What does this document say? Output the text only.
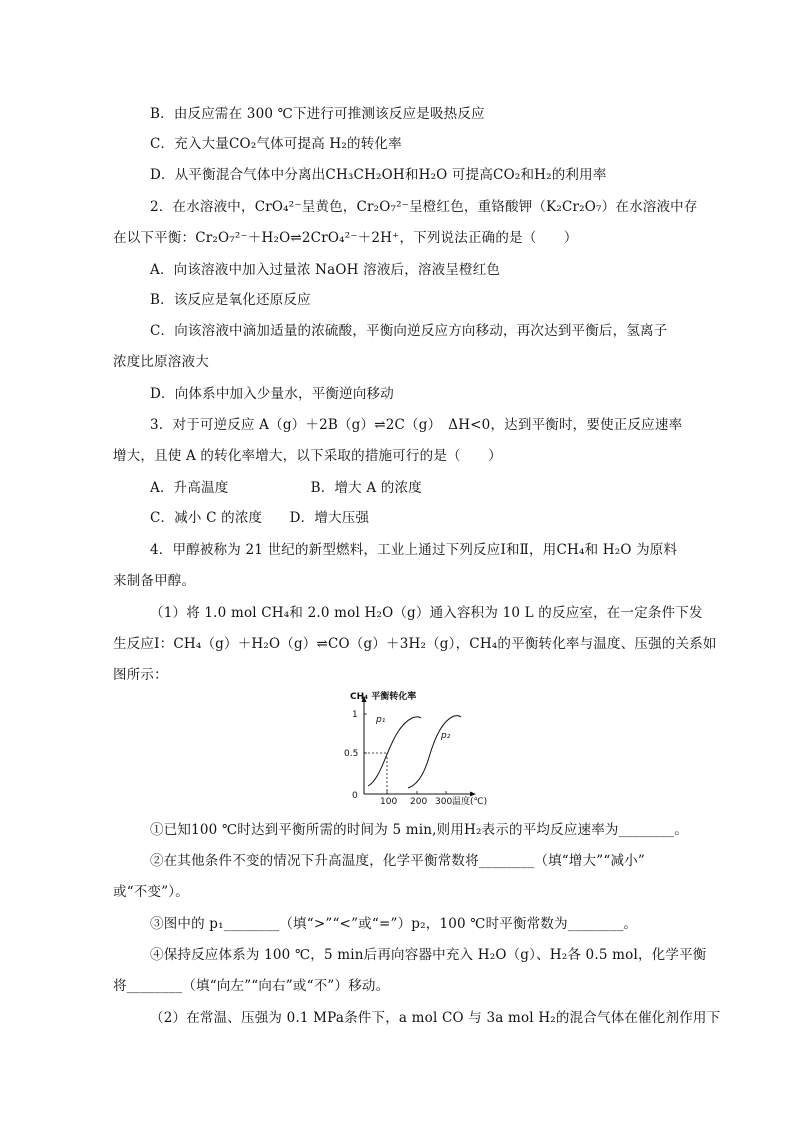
B．由反应需在 300 ℃下进行可推测该反应是吸热反应
C．充入大量CO₂气体可提高 H₂的转化率
D．从平衡混合气体中分离出CH₃CH₂OH和H₂O 可提高CO₂和H₂的利用率
2．在水溶液中，CrO₄²⁻呈黄色，Cr₂O₇²⁻呈橙红色，重铬酸钾（K₂Cr₂O₇）在水溶液中存
在以下平衡：Cr₂O₇²⁻＋H₂O⇌2CrO₄²⁻＋2H⁺，下列说法正确的是（　　）
A．向该溶液中加入过量浓 NaOH 溶液后，溶液呈橙红色
B．该反应是氧化还原反应
C．向该溶液中滴加适量的浓硫酸，平衡向逆反应方向移动，再次达到平衡后，氢离子
浓度比原溶液大
D．向体系中加入少量水，平衡逆向移动
3．对于可逆反应 A（g）＋2B（g）⇌2C（g）　ΔH<0，达到平衡时，要使正反应速率
增大，且使 A 的转化率增大，以下采取的措施可行的是（　　）
A．升高温度　　　　　　B．增大 A 的浓度
C．减小 C 的浓度　　D．增大压强
4．甲醇被称为 21 世纪的新型燃料，工业上通过下列反应Ⅰ和Ⅱ，用CH₄和 H₂O 为原料
来制备甲醇。
（1）将 1.0 mol CH₄和 2.0 mol H₂O（g）通入容积为 10 L 的反应室，在一定条件下发
生反应Ⅰ：CH₄（g）＋H₂O（g）⇌CO（g）＋3H₂（g），CH₄的平衡转化率与温度、压强的关系如
图所示：
①已知100 ℃时达到平衡所需的时间为 5 min,则用H₂表示的平均反应速率为________。
②在其他条件不变的情况下升高温度，化学平衡常数将________（填“增大”“减小”
或“不变”）。
③图中的 p₁________（填“>”“<”或“=”）p₂，100 ℃时平衡常数为________。
④保持反应体系为 100 ℃，5 min后再向容器中充入 H₂O（g）、H₂各 0.5 mol，化学平衡
将________（填“向左”“向右”或“不”）移动。
（2）在常温、压强为 0.1 MPa条件下，a mol CO 与 3a mol H₂的混合气体在催化剂作用下
0
0.5
1
100 200 300
CH₄ 平衡转化率
温度(℃)
p₁
p₂
